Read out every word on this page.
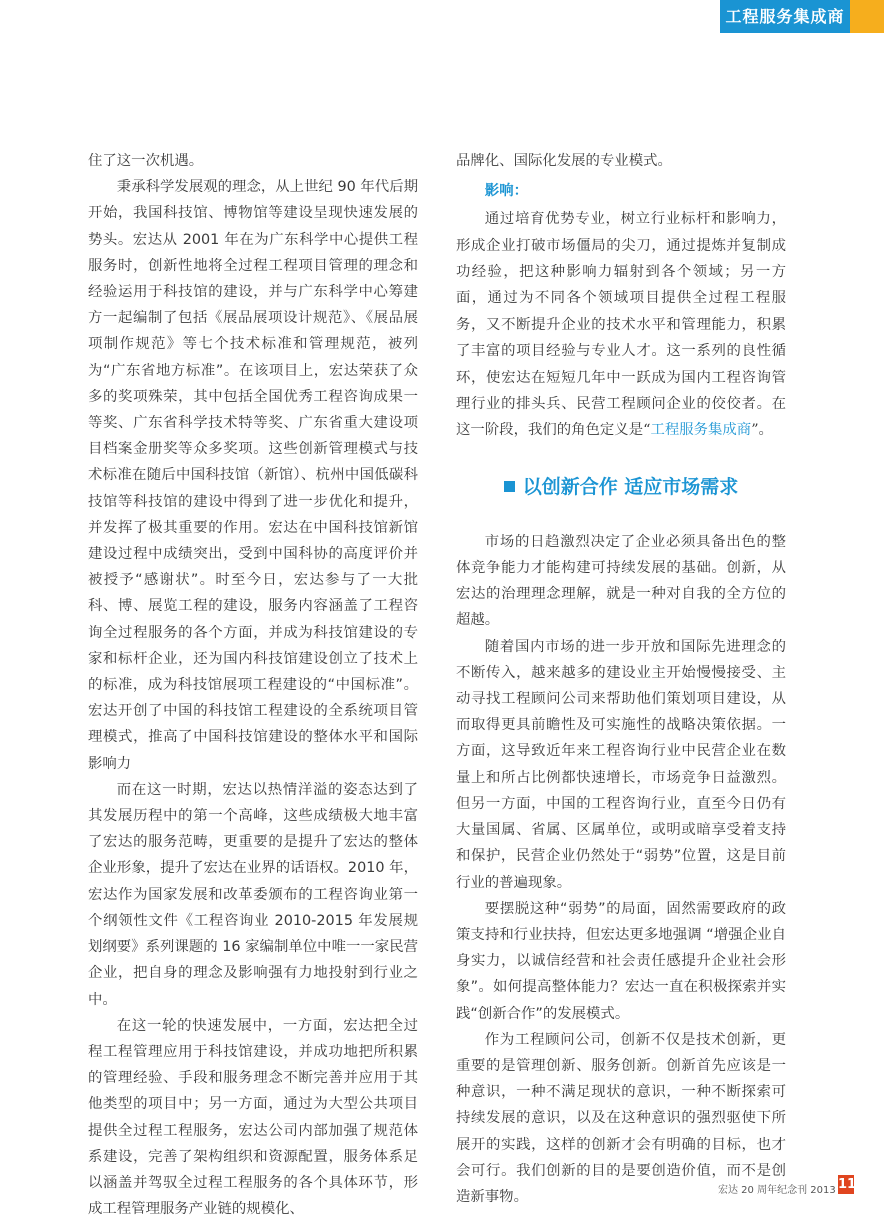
工程服务集成商

住了这一次机遇。

秉承科学发展观的理念，从上世纪 90 年代后期开始，我国科技馆、博物馆等建设呈现快速发展的势头。宏达从 2001 年在为广东科学中心提供工程服务时，创新性地将全过程工程项目管理的理念和经验运用于科技馆的建设，并与广东科学中心筹建方一起编制了包括《展品展项设计规范》、《展品展项制作规范》等七个技术标准和管理规范，被列为“广东省地方标准”。在该项目上，宏达荣获了众多的奖项殊荣，其中包括全国优秀工程咨询成果一等奖、广东省科学技术特等奖、广东省重大建设项目档案金册奖等众多奖项。这些创新管理模式与技术标准在随后中国科技馆（新馆）、杭州中国低碳科技馆等科技馆的建设中得到了进一步优化和提升，并发挥了极其重要的作用。宏达在中国科技馆新馆建设过程中成绩突出，受到中国科协的高度评价并被授予“感谢状”。时至今日，宏达参与了一大批科、博、展览工程的建设，服务内容涵盖了工程咨询全过程服务的各个方面，并成为科技馆建设的专家和标杆企业，还为国内科技馆建设创立了技术上的标准，成为科技馆展项工程建设的“中国标准”。宏达开创了中国的科技馆工程建设的全系统项目管理模式，推高了中国科技馆建设的整体水平和国际影响力

而在这一时期，宏达以热情洋溢的姿态达到了其发展历程中的第一个高峰，这些成绩极大地丰富了宏达的服务范畴，更重要的是提升了宏达的整体企业形象，提升了宏达在业界的话语权。2010 年，宏达作为国家发展和改革委颁布的工程咨询业第一个纲领性文件《工程咨询业 2010-2015 年发展规划纲要》系列课题的 16 家编制单位中唯一一家民营企业，把自身的理念及影响强有力地投射到行业之中。

在这一轮的快速发展中，一方面，宏达把全过程工程管理应用于科技馆建设，并成功地把所积累的管理经验、手段和服务理念不断完善并应用于其他类型的项目中；另一方面，通过为大型公共项目提供全过程工程服务，宏达公司内部加强了规范体系建设，完善了架构组织和资源配置，服务体系足以涵盖并驾驭全过程工程服务的各个具体环节，形成工程管理服务产业链的规模化、

品牌化、国际化发展的专业模式。

影响：

通过培育优势专业，树立行业标杆和影响力，形成企业打破市场僵局的尖刀，通过提炼并复制成功经验，把这种影响力辐射到各个领域；另一方面，通过为不同各个领域项目提供全过程工程服务，又不断提升企业的技术水平和管理能力，积累了丰富的项目经验与专业人才。这一系列的良性循环，使宏达在短短几年中一跃成为国内工程咨询管理行业的排头兵、民营工程顾问企业的佼佼者。在这一阶段，我们的角色定义是“工程服务集成商”。

以创新合作 适应市场需求

市场的日趋激烈决定了企业必须具备出色的整体竞争能力才能构建可持续发展的基础。创新，从宏达的治理理念理解，就是一种对自我的全方位的超越。

随着国内市场的进一步开放和国际先进理念的不断传入，越来越多的建设业主开始慢慢接受、主动寻找工程顾问公司来帮助他们策划项目建设，从而取得更具前瞻性及可实施性的战略决策依据。一方面，这导致近年来工程咨询行业中民营企业在数量上和所占比例都快速增长，市场竞争日益激烈。但另一方面，中国的工程咨询行业，直至今日仍有大量国属、省属、区属单位，或明或暗享受着支持和保护，民营企业仍然处于“弱势”位置，这是目前行业的普遍现象。

要摆脱这种“弱势”的局面，固然需要政府的政策支持和行业扶持，但宏达更多地强调 “增强企业自身实力，以诚信经营和社会责任感提升企业社会形象”。如何提高整体能力？宏达一直在积极探索并实践“创新合作”的发展模式。

作为工程顾问公司，创新不仅是技术创新，更重要的是管理创新、服务创新。创新首先应该是一种意识，一种不满足现状的意识，一种不断探索可持续发展的意识，以及在这种意识的强烈驱使下所展开的实践，这样的创新才会有明确的目标，也才会可行。我们创新的目的是要创造价值，而不是创造新事物。	宏达 20 周年纪念刊 2013 11
